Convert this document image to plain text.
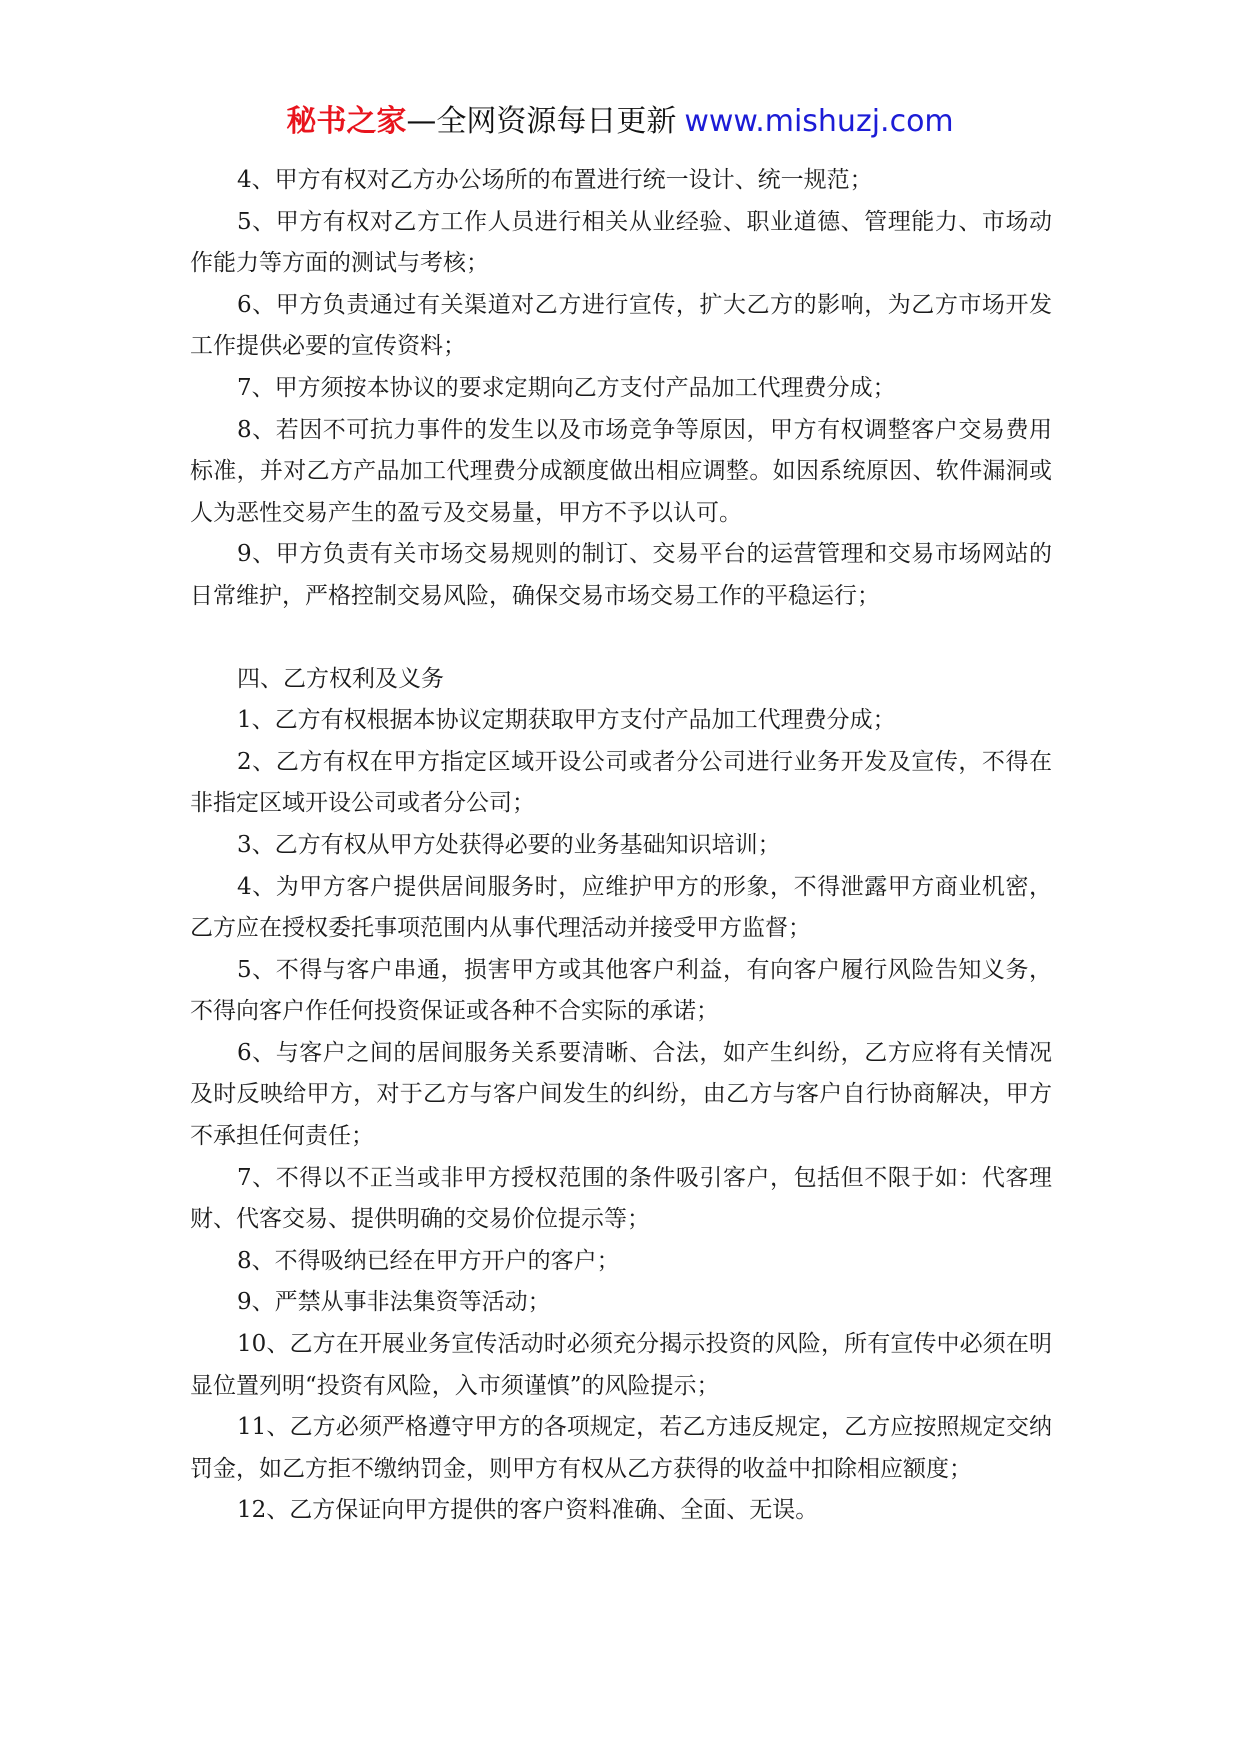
秘书之家—全网资源每日更新 www.mishuzj.com

4、甲方有权对乙方办公场所的布置进行统一设计、统一规范；

5、甲方有权对乙方工作人员进行相关从业经验、职业道德、管理能力、市场动作能力等方面的测试与考核；

6、甲方负责通过有关渠道对乙方进行宣传，扩大乙方的影响，为乙方市场开发工作提供必要的宣传资料；

7、甲方须按本协议的要求定期向乙方支付产品加工代理费分成；

8、若因不可抗力事件的发生以及市场竞争等原因，甲方有权调整客户交易费用标准，并对乙方产品加工代理费分成额度做出相应调整。如因系统原因、软件漏洞或人为恶性交易产生的盈亏及交易量，甲方不予以认可。

9、甲方负责有关市场交易规则的制订、交易平台的运营管理和交易市场网站的日常维护，严格控制交易风险，确保交易市场交易工作的平稳运行；

四、乙方权利及义务

1、乙方有权根据本协议定期获取甲方支付产品加工代理费分成；

2、乙方有权在甲方指定区域开设公司或者分公司进行业务开发及宣传，不得在非指定区域开设公司或者分公司；

3、乙方有权从甲方处获得必要的业务基础知识培训；

4、为甲方客户提供居间服务时，应维护甲方的形象，不得泄露甲方商业机密，乙方应在授权委托事项范围内从事代理活动并接受甲方监督；

5、不得与客户串通，损害甲方或其他客户利益，有向客户履行风险告知义务，不得向客户作任何投资保证或各种不合实际的承诺；

6、与客户之间的居间服务关系要清晰、合法，如产生纠纷，乙方应将有关情况及时反映给甲方，对于乙方与客户间发生的纠纷，由乙方与客户自行协商解决，甲方不承担任何责任；

7、不得以不正当或非甲方授权范围的条件吸引客户，包括但不限于如：代客理财、代客交易、提供明确的交易价位提示等；

8、不得吸纳已经在甲方开户的客户；

9、严禁从事非法集资等活动；

10、乙方在开展业务宣传活动时必须充分揭示投资的风险，所有宣传中必须在明显位置列明“投资有风险，入市须谨慎”的风险提示；

11、乙方必须严格遵守甲方的各项规定，若乙方违反规定，乙方应按照规定交纳罚金，如乙方拒不缴纳罚金，则甲方有权从乙方获得的收益中扣除相应额度；

12、乙方保证向甲方提供的客户资料准确、全面、无误。
